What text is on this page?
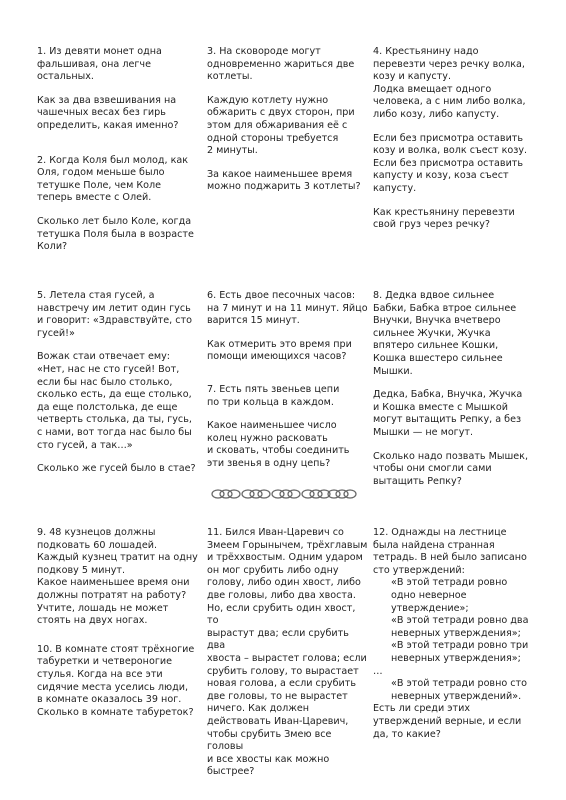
1. Из девяти монет одна
фальшивая, она легче
остальных.

Как за два взвешивания на
чашечных весах без гирь
определить, какая именно?

2. Когда Коля был молод, как
Оля, годом меньше было
тетушке Поле, чем Коле
теперь вместе с Олей.

Сколько лет было Коле, когда
тетушка Поля была в возрасте
Коли?

3. На сковороде могут
одновременно жариться две
котлеты.

Каждую котлету нужно
обжарить с двух сторон, при
этом для обжаривания её с
одной стороны требуется
2 минуты.

За какое наименьшее время
можно поджарить 3 котлеты?

4. Крестьянину надо
перевезти через речку волка,
козу и капусту.
Лодка вмещает одного
человека, а с ним либо волка,
либо козу, либо капусту.

Если без присмотра оставить
козу и волка, волк съест козу.
Если без присмотра оставить
капусту и козу, коза съест
капусту.

Как крестьянину перевезти
свой груз через речку?

5. Летела стая гусей, а
навстречу им летит один гусь
и говорит: «Здравствуйте, сто
гусей!»

Вожак стаи отвечает ему:
«Нет, нас не сто гусей! Вот,
если бы нас было столько,
сколько есть, да еще столько,
да еще полстолька, де еще
четверть столька, да ты, гусь,
с нами, вот тогда нас было бы
сто гусей, а так…»

Сколько же гусей было в стае?

6. Есть двое песочных часов:
на 7 минут и на 11 минут. Яйцо
варится 15 минут.

Как отмерить это время при
помощи имеющихся часов?

7. Есть пять звеньев цепи
по три кольца в каждом.

Какое наименьшее число
колец нужно расковать
и сковать, чтобы соединить
эти звенья в одну цепь?

8. Дедка вдвое сильнее
Бабки, Бабка втрое сильнее
Внучки, Внучка вчетверо
сильнее Жучки, Жучка
впятеро сильнее Кошки,
Кошка вшестеро сильнее
Мышки.

Дедка, Бабка, Внучка, Жучка
и Кошка вместе с Мышкой
могут вытащить Репку, а без
Мышки — не могут.

Сколько надо позвать Мышек,
чтобы они смогли сами
вытащить Репку?

9. 48 кузнецов должны
подковать 60 лошадей.
Каждый кузнец тратит на одну
подкову 5 минут.
Какое наименьшее время они
должны потратят на работу?
Учтите, лошадь не может
стоять на двух ногах.

10. В комнате стоят трёхногие
табуретки и четвероногие
стулья. Когда на все эти
сидячие места уселись люди,
в комнате оказалось 39 ног.
Сколько в комнате табуреток?

11. Бился Иван-Царевич со
Змеем Горынычем, трёхглавым
и трёххвостым. Одним ударом
он мог срубить либо одну
голову, либо один хвост, либо
две головы, либо два хвоста.
Но, если срубить один хвост, то
вырастут два; если срубить два
хвоста – вырастет голова; если
срубить голову, то вырастает
новая голова, а если срубить
две головы, то не вырастет
ничего. Как должен
действовать Иван-Царевич,
чтобы срубить Змею все головы
и все хвосты как можно
быстрее?

12. Однажды на лестнице
была найдена странная
тетрадь. В ней было записано
сто утверждений:

«В этой тетради ровно
одно неверное утверждение»;

«В этой тетради ровно два
неверных утверждения»;

«В этой тетради ровно три
неверных утверждения»;

…

«В этой тетради ровно сто
неверных утверждений».

Есть ли среди этих
утверждений верные, и если
да, то какие?
